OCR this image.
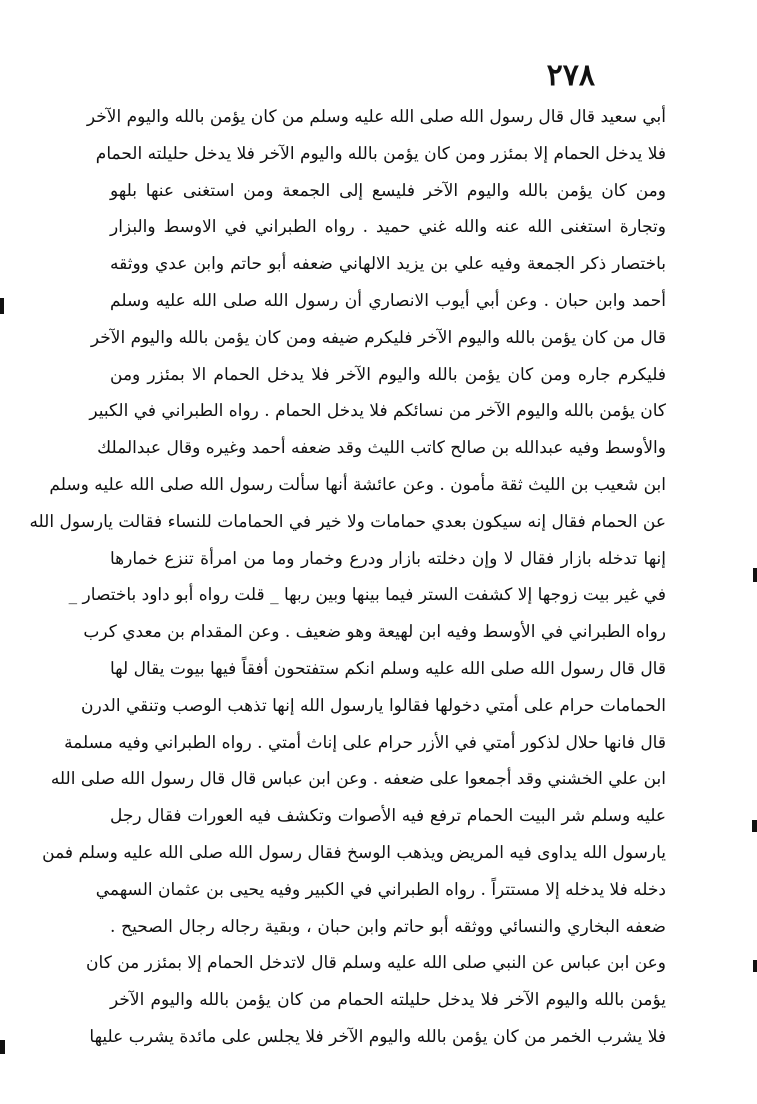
٢٧٨
أبي سعيد قال قال رسول الله صلى الله عليه وسلم من كان يؤمن بالله واليوم الآخر
فلا يدخل الحمام إلا بمئزر ومن كان يؤمن بالله واليوم الآخر فلا يدخل حليلته الحمام
ومن كان يؤمن بالله واليوم الآخر فليسع إلى الجمعة ومن استغنى عنها بلهو
وتجارة استغنى الله عنه والله غني حميد . رواه الطبراني في الاوسط والبزار
باختصار ذكر الجمعة وفيه علي بن يزيد الالهاني ضعفه أبو حاتم وابن عدي ووثقه
أحمد وابن حبان . وعن أبي أيوب الانصاري أن رسول الله صلى الله عليه وسلم
قال من كان يؤمن بالله واليوم الآخر فليكرم ضيفه ومن كان يؤمن بالله واليوم الآخر
فليكرم جاره ومن كان يؤمن بالله واليوم الآخر فلا يدخل الحمام الا بمئزر ومن
كان يؤمن بالله واليوم الآخر من نسائكم فلا يدخل الحمام . رواه الطبراني في الكبير
والأوسط وفيه عبدالله بن صالح كاتب الليث وقد ضعفه أحمد وغيره وقال عبدالملك
ابن شعيب بن الليث ثقة مأمون . وعن عائشة أنها سألت رسول الله صلى الله عليه وسلم
عن الحمام فقال إنه سيكون بعدي حمامات ولا خير في الحمامات للنساء فقالت يارسول الله
إنها تدخله بازار فقال لا وإن دخلته بازار ودرع وخمار وما من امرأة تنزع خمارها
في غير بيت زوجها إلا كشفت الستر فيما بينها وبين ربها _ قلت رواه أبو داود باختصار _
رواه الطبراني في الأوسط وفيه ابن لهيعة وهو ضعيف . وعن المقدام بن معدي كرب
قال قال رسول الله صلى الله عليه وسلم انكم ستفتحون أفقاً فيها بيوت يقال لها
الحمامات حرام على أمتي دخولها فقالوا يارسول الله إنها تذهب الوصب وتنقي الدرن
قال فانها حلال لذكور أمتي في الأزر حرام على إناث أمتي . رواه الطبراني وفيه مسلمة
ابن علي الخشني وقد أجمعوا على ضعفه . وعن ابن عباس قال قال رسول الله صلى الله
عليه وسلم شر البيت الحمام ترفع فيه الأصوات وتكشف فيه العورات فقال رجل
يارسول الله يداوى فيه المريض ويذهب الوسخ فقال رسول الله صلى الله عليه وسلم فمن
دخله فلا يدخله إلا مستتراً . رواه الطبراني في الكبير وفيه يحيى بن عثمان السهمي
ضعفه البخاري والنسائي ووثقه أبو حاتم وابن حبان ، وبقية رجاله رجال الصحيح .
وعن ابن عباس عن النبي صلى الله عليه وسلم قال لاتدخل الحمام إلا بمئزر من كان
يؤمن بالله واليوم الآخر فلا يدخل حليلته الحمام من كان يؤمن بالله واليوم الآخر
فلا يشرب الخمر من كان يؤمن بالله واليوم الآخر فلا يجلس على مائدة يشرب عليها
